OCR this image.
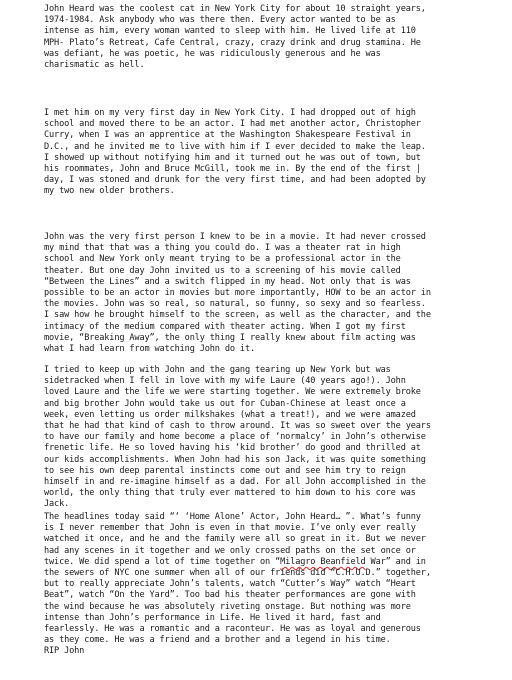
John Heard was the coolest cat in New York City for about 10 straight years,
1974-1984. Ask anybody who was there then. Every actor wanted to be as
intense as him, every woman wanted to sleep with him. He lived life at 110
MPH- Plato’s Retreat, Cafe Central, crazy, crazy drink and drug stamina. He
was defiant, he was poetic, he was ridiculously generous and he was
charismatic as hell.

I met him on my very first day in New York City. I had dropped out of high
school and moved there to be an actor. I had met another actor, Christopher
Curry, when I was an apprentice at the Washington Shakespeare Festival in
D.C., and he invited me to live with him if I ever decided to make the leap.
I showed up without notifying him and it turned out he was out of town, but
his roommates, John and Bruce McGill, took me in. By the end of the first |
day, I was stoned and drunk for the very first time, and had been adopted by
my two new older brothers.

John was the very first person I knew to be in a movie. It had never crossed
my mind that that was a thing you could do. I was a theater rat in high
school and New York only meant trying to be a professional actor in the
theater. But one day John invited us to a screening of his movie called
“Between the Lines” and a switch flipped in my head. Not only that is was
possible to be an actor in movies but more importantly, HOW to be an actor in
the movies. John was so real, so natural, so funny, so sexy and so fearless.
I saw how he brought himself to the screen, as well as the character, and the
intimacy of the medium compared with theater acting. When I got my first
movie, “Breaking Away”, the only thing I really knew about film acting was
what I had learn from watching John do it.

I tried to keep up with John and the gang tearing up New York but was
sidetracked when I fell in love with my wife Laure (40 years ago!). John
loved Laure and the life we were starting together. We were extremely broke
and big brother John would take us out for Cuban-Chinese at least once a
week, even letting us order milkshakes (what a treat!), and we were amazed
that he had that kind of cash to throw around. It was so sweet over the years
to have our family and home become a place of ‘normalcy’ in John’s otherwise
frenetic life. He so loved having his ‘kid brother’ do good and thrilled at
our kids accomplishments. When John had his son Jack, it was quite something
to see his own deep parental instincts come out and see him try to reign
himself in and re-imagine himself as a dad. For all John accomplished in the
world, the only thing that truly ever mattered to him down to his core was
Jack.

The headlines today said “‘ ‘Home Alone’ Actor, John Heard… ”. What’s funny
is I never remember that John is even in that movie. I’ve only ever really
watched it once, and he and the family were all so great in it. But we never
had any scenes in it together and we only crossed paths on the set once or
twice. We did spend a lot of time together on “Milagro Beanfield War” and in
the sewers of NYC one summer when all of our friends did “C.H.U.D.” together,
but to really appreciate John’s talents, watch “Cutter’s Way” watch “Heart
Beat”, watch “On the Yard”. Too bad his theater performances are gone with
the wind because he was absolutely riveting onstage. But nothing was more
intense than John’s performance in Life. He lived it hard, fast and
fearlessly. He was a romantic and a raconteur. He was as loyal and generous
as they come. He was a friend and a brother and a legend in his time.

RIP John
